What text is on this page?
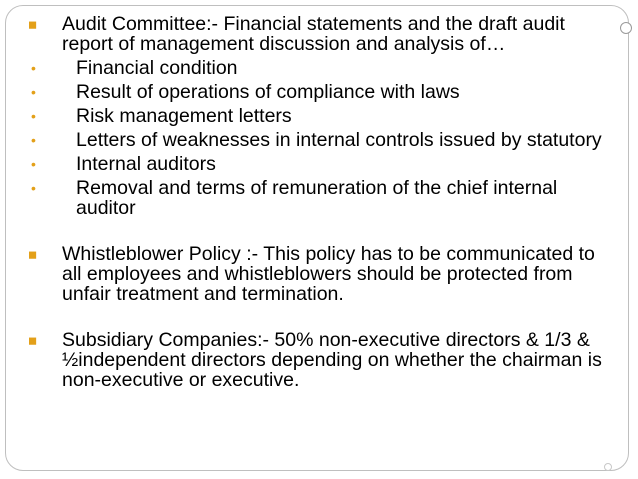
◼ Audit Committee:- Financial statements and the draft audit report of management discussion and analysis of…
• Financial condition
• Result of operations of compliance with laws
• Risk management letters
• Letters of weaknesses in internal controls issued by statutory
• Internal auditors
• Removal and terms of remuneration of the chief internal auditor
◼ Whistleblower Policy :- This policy has to be communicated to all employees and whistleblowers should be protected from unfair treatment and termination.
◼ Subsidiary Companies:- 50% non-executive directors & 1/3 & ½independent directors depending on whether the chairman is non-executive or executive.
